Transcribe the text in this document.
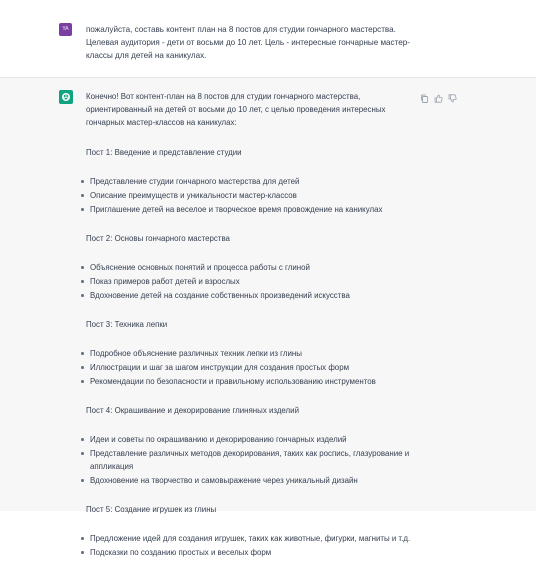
YA	пожалуйста, составь контент план на 8 постов для студии гончарного мастерства. Целевая аудитория - дети от восьми до 10 лет. Цель - интересные гончарные мастер-классы для детей на каникулах.

Конечно! Вот контент-план на 8 постов для студии гончарного мастерства, ориентированный на детей от восьми до 10 лет, с целью проведения интересных гончарных мастер-классов на каникулах:

Пост 1: Введение и представление студии

Представление студии гончарного мастерства для детей
Описание преимуществ и уникальности мастер-классов
Приглашение детей на веселое и творческое время провождение на каникулах

Пост 2: Основы гончарного мастерства

Объяснение основных понятий и процесса работы с глиной
Показ примеров работ детей и взрослых
Вдохновение детей на создание собственных произведений искусства

Пост 3: Техника лепки

Подробное объяснение различных техник лепки из глины
Иллюстрации и шаг за шагом инструкции для создания простых форм
Рекомендации по безопасности и правильному использованию инструментов

Пост 4: Окрашивание и декорирование глиняных изделий

Идеи и советы по окрашиванию и декорированию гончарных изделий
Представление различных методов декорирования, таких как роспись, глазурование и аппликация
Вдохновение на творчество и самовыражение через уникальный дизайн

Пост 5: Создание игрушек из глины

Предложение идей для создания игрушек, таких как животные, фигурки, магниты и т.д.
Подсказки по созданию простых и веселых форм
